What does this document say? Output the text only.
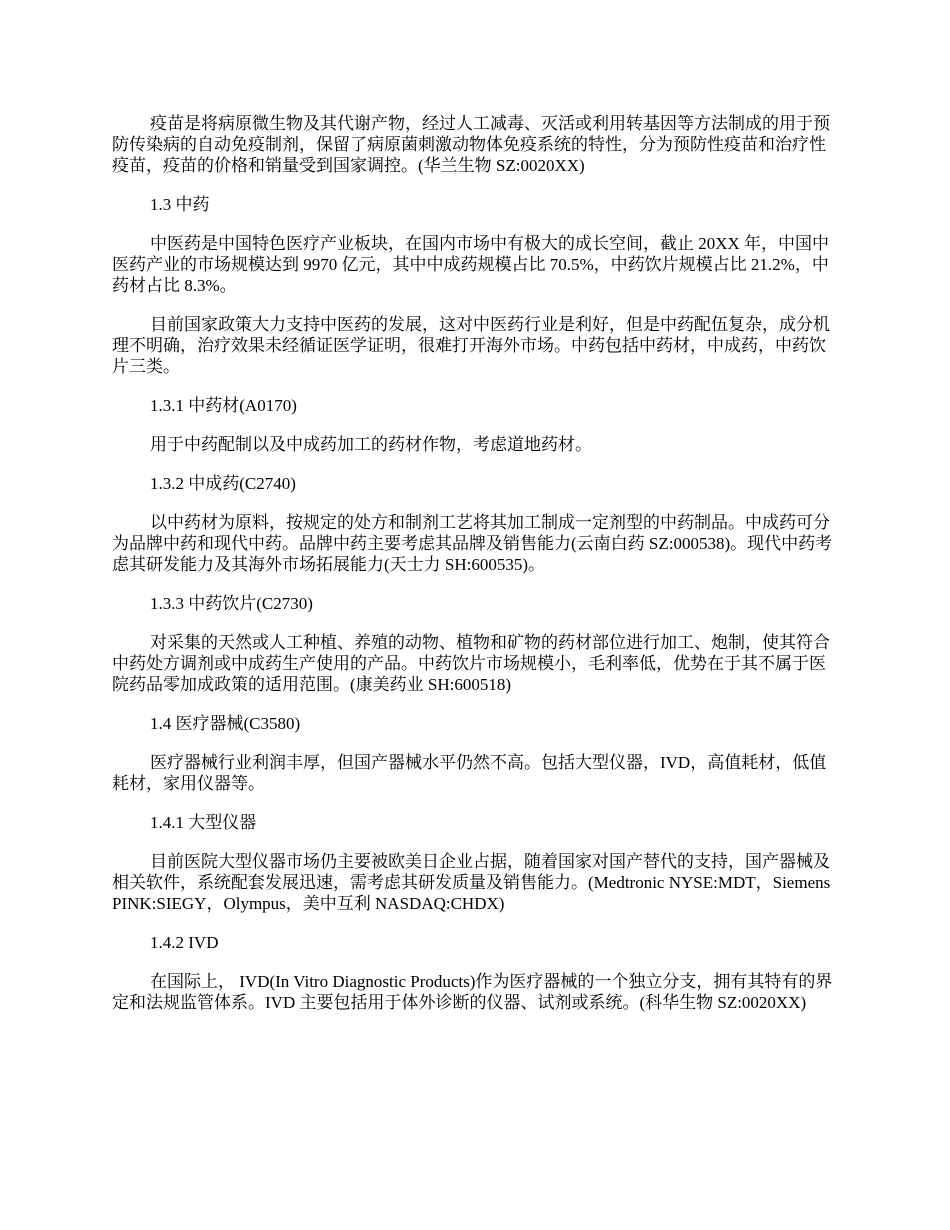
疫苗是将病原微生物及其代谢产物，经过人工减毒、灭活或利用转基因等方法制成的用于预防传染病的自动免疫制剂，保留了病原菌刺激动物体免疫系统的特性，分为预防性疫苗和治疗性疫苗，疫苗的价格和销量受到国家调控。(华兰生物 SZ:0020XX)

1.3 中药

中医药是中国特色医疗产业板块，在国内市场中有极大的成长空间，截止 20XX 年，中国中医药产业的市场规模达到 9970 亿元，其中中成药规模占比 70.5%，中药饮片规模占比 21.2%，中药材占比 8.3%。

目前国家政策大力支持中医药的发展，这对中医药行业是利好，但是中药配伍复杂，成分机理不明确，治疗效果未经循证医学证明，很难打开海外市场。中药包括中药材，中成药，中药饮片三类。

1.3.1 中药材(A0170)

用于中药配制以及中成药加工的药材作物，考虑道地药材。

1.3.2 中成药(C2740)

以中药材为原料，按规定的处方和制剂工艺将其加工制成一定剂型的中药制品。中成药可分为品牌中药和现代中药。品牌中药主要考虑其品牌及销售能力(云南白药 SZ:000538)。现代中药考虑其研发能力及其海外市场拓展能力(天士力 SH:600535)。

1.3.3 中药饮片(C2730)

对采集的天然或人工种植、养殖的动物、植物和矿物的药材部位进行加工、炮制，使其符合中药处方调剂或中成药生产使用的产品。中药饮片市场规模小，毛利率低，优势在于其不属于医院药品零加成政策的适用范围。(康美药业 SH:600518)

1.4 医疗器械(C3580)

医疗器械行业利润丰厚，但国产器械水平仍然不高。包括大型仪器，IVD，高值耗材，低值耗材，家用仪器等。

1.4.1 大型仪器

目前医院大型仪器市场仍主要被欧美日企业占据，随着国家对国产替代的支持，国产器械及相关软件，系统配套发展迅速，需考虑其研发质量及销售能力。(Medtronic NYSE:MDT，Siemens PINK:SIEGY，Olympus，美中互利 NASDAQ:CHDX)

1.4.2 IVD

在国际上， IVD(In Vitro Diagnostic Products)作为医疗器械的一个独立分支，拥有其特有的界定和法规监管体系。IVD 主要包括用于体外诊断的仪器、试剂或系统。(科华生物 SZ:0020XX)
